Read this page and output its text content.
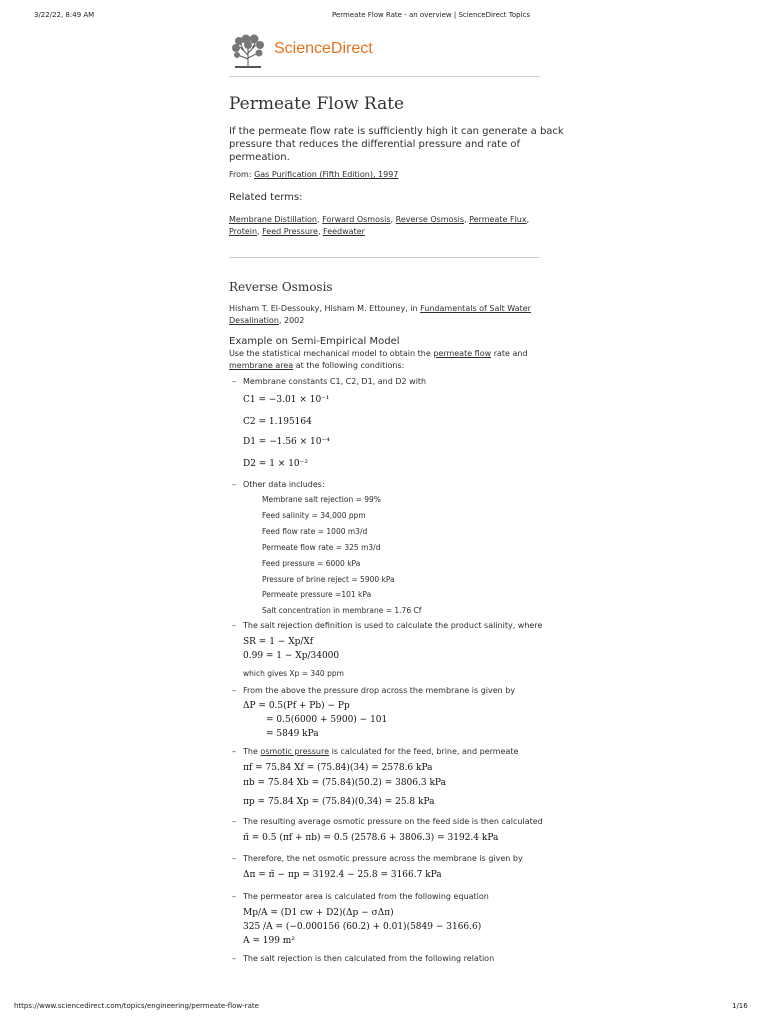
3/22/22, 8:49 AM	Permeate Flow Rate - an overview | ScienceDirect Topics
ScienceDirect
Permeate Flow Rate
If the permeate flow rate is sufficiently high it can generate a back
pressure that reduces the differential pressure and rate of
permeation.
From: Gas Purification (Fifth Edition), 1997
Related terms:
Membrane Distillation, Forward Osmosis, Reverse Osmosis, Permeate Flux,
Protein, Feed Pressure, Feedwater
Reverse Osmosis
Hisham T. El-Dessouky, Hisham M. Ettouney, in Fundamentals of Salt Water
Desalination, 2002
Example on Semi-Empirical Model
Use the statistical mechanical model to obtain the permeate flow rate and
membrane area at the following conditions:
– Membrane constants C1, C2, D1, and D2 with
C1 = −3.01 × 10⁻¹
C2 = 1.195164
D1 = −1.56 × 10⁻⁴
D2 = 1 × 10⁻²
– Other data includes:
Membrane salt rejection = 99%
Feed salinity = 34,000 ppm
Feed flow rate = 1000 m3/d
Permeate flow rate = 325 m3/d
Feed pressure = 6000 kPa
Pressure of brine reject = 5900 kPa
Permeate pressure =101 kPa
Salt concentration in membrane = 1.76 Cf
– The salt rejection definition is used to calculate the product salinity, where
SR = 1 − Xp/Xf
0.99 = 1 − Xp/34000
which gives Xp = 340 ppm
– From the above the pressure drop across the membrane is given by
ΔP = 0.5(Pf + Pb) − Pp
= 0.5(6000 + 5900) − 101
= 5849 kPa
– The osmotic pressure is calculated for the feed, brine, and permeate
πf = 75.84 Xf = (75.84)(34) = 2578.6 kPa
πb = 75.84 Xb = (75.84)(50.2) = 3806.3 kPa
πp = 75.84 Xp = (75.84)(0.34) = 25.8 kPa
– The resulting average osmotic pressure on the feed side is then calculated
π̄ = 0.5 (πf + πb) = 0.5 (2578.6 + 3806.3) = 3192.4 kPa
– Therefore, the net osmotic pressure across the membrane is given by
Δπ = π̄ − πp = 3192.4 − 25.8 = 3166.7 kPa
– The permeator area is calculated from the following equation
Mp/A = (D1 cw + D2)(Δp − σΔπ)
325 /A = (−0.000156 (60.2) + 0.01)(5849 − 3166.6)
A = 199 m²
– The salt rejection is then calculated from the following relation
https://www.sciencedirect.com/topics/engineering/permeate-flow-rate	1/16
